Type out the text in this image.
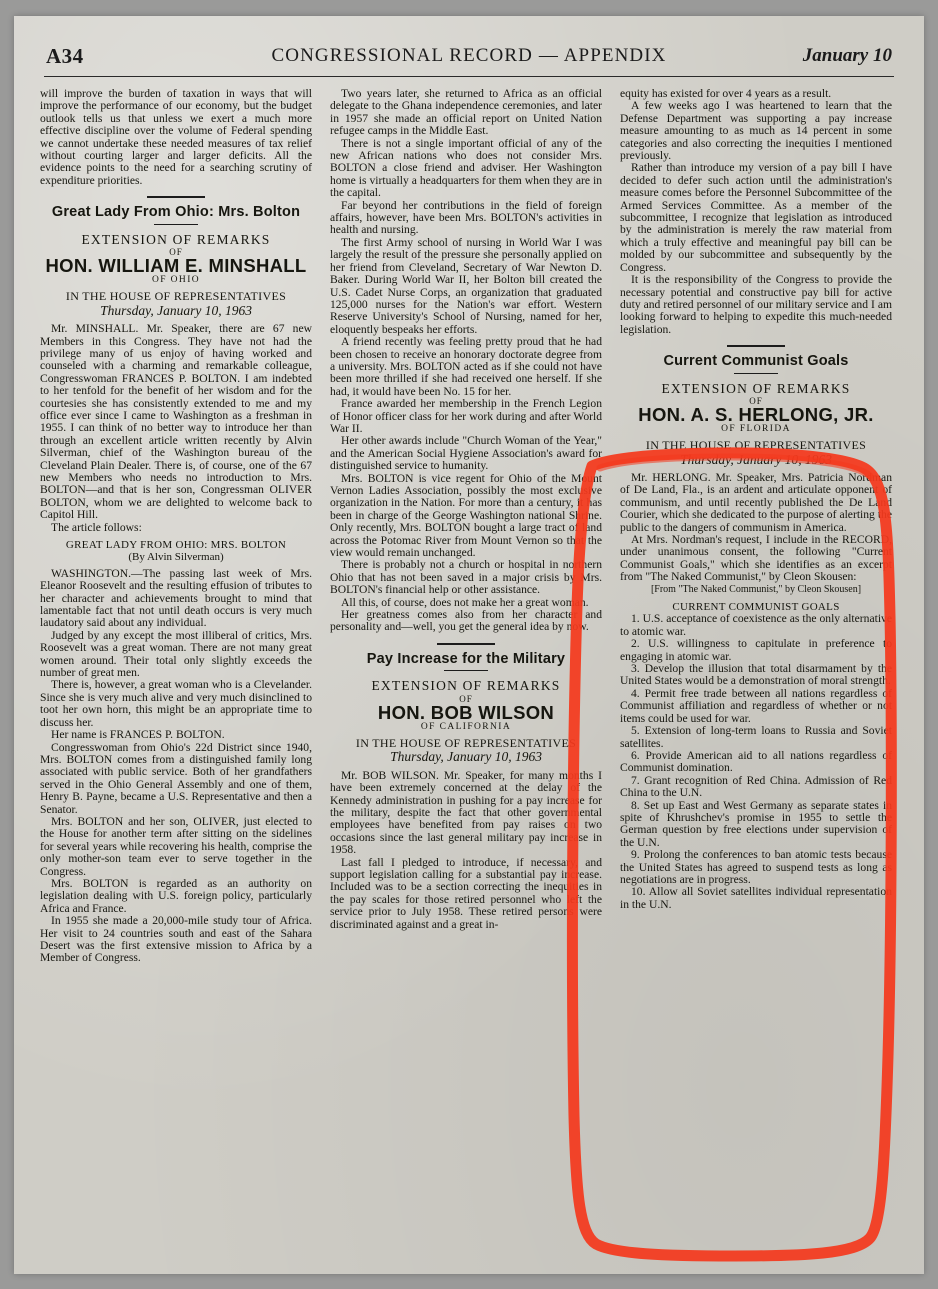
A34	CONGRESSIONAL RECORD — APPENDIX	January 10

will improve the burden of taxation in ways that will improve the performance of our economy, but the budget outlook tells us that unless we exert a much more effective discipline over the volume of Federal spending we cannot undertake these needed measures of tax relief without courting larger and larger deficits. All the evidence points to the need for a searching scrutiny of expenditure priorities.

Great Lady From Ohio: Mrs. Bolton
EXTENSION OF REMARKS
OF
HON. WILLIAM E. MINSHALL
OF OHIO
IN THE HOUSE OF REPRESENTATIVES
Thursday, January 10, 1963

Mr. MINSHALL. Mr. Speaker, there are 67 new Members in this Congress. They have not had the privilege many of us enjoy of having worked and counseled with a charming and remarkable colleague, Congresswoman FRANCES P. BOLTON. I am indebted to her tenfold for the benefit of her wisdom and for the courtesies she has consistently extended to me and my office ever since I came to Washington as a freshman in 1955. I can think of no better way to introduce her than through an excellent article written recently by Alvin Silverman, chief of the Washington bureau of the Cleveland Plain Dealer. There is, of course, one of the 67 new Members who needs no introduction to Mrs. BOLTON—and that is her son, Congressman OLIVER BOLTON, whom we are delighted to welcome back to Capitol Hill.

The article follows:

GREAT LADY FROM OHIO: MRS. BOLTON
(By Alvin Silverman)

WASHINGTON.—The passing last week of Mrs. Eleanor Roosevelt and the resulting effusion of tributes to her character and achievements brought to mind that lamentable fact that not until death occurs is very much laudatory said about any individual.

Judged by any except the most illiberal of critics, Mrs. Roosevelt was a great woman. There are not many great women around. Their total only slightly exceeds the number of great men.

There is, however, a great woman who is a Clevelander. Since she is very much alive and very much disinclined to toot her own horn, this might be an appropriate time to discuss her.

Her name is FRANCES P. BOLTON.

Congresswoman from Ohio's 22d District since 1940, Mrs. BOLTON comes from a distinguished family long associated with public service. Both of her grandfathers served in the Ohio General Assembly and one of them, Henry B. Payne, became a U.S. Representative and then a Senator.

Mrs. BOLTON and her son, OLIVER, just elected to the House for another term after sitting on the sidelines for several years while recovering his health, comprise the only mother-son team ever to serve together in the Congress.

Mrs. BOLTON is regarded as an authority on legislation dealing with U.S. foreign policy, particularly Africa and France.

In 1955 she made a 20,000-mile study tour of Africa. Her visit to 24 countries south and east of the Sahara Desert was the first extensive mission to Africa by a Member of Congress.

Two years later, she returned to Africa as an official delegate to the Ghana independence ceremonies, and later in 1957 she made an official report on United Nation refugee camps in the Middle East.

There is not a single important official of any of the new African nations who does not consider Mrs. BOLTON a close friend and adviser. Her Washington home is virtually a headquarters for them when they are in the capital.

Far beyond her contributions in the field of foreign affairs, however, have been Mrs. BOLTON's activities in health and nursing.

The first Army school of nursing in World War I was largely the result of the pressure she personally applied on her friend from Cleveland, Secretary of War Newton D. Baker. During World War II, her Bolton bill created the U.S. Cadet Nurse Corps, an organization that graduated 125,000 nurses for the Nation's war effort. Western Reserve University's School of Nursing, named for her, eloquently bespeaks her efforts.

A friend recently was feeling pretty proud that he had been chosen to receive an honorary doctorate degree from a university. Mrs. BOLTON acted as if she could not have been more thrilled if she had received one herself. If she had, it would have been No. 15 for her.

France awarded her membership in the French Legion of Honor officer class for her work during and after World War II.

Her other awards include "Church Woman of the Year," and the American Social Hygiene Association's award for distinguished service to humanity.

Mrs. BOLTON is vice regent for Ohio of the Mount Vernon Ladies Association, possibly the most exclusive organization in the Nation. For more than a century, it has been in charge of the George Washington national Shrine. Only recently, Mrs. BOLTON bought a large tract of land across the Potomac River from Mount Vernon so that the view would remain unchanged.

There is probably not a church or hospital in northern Ohio that has not been saved in a major crisis by Mrs. BOLTON's financial help or other assistance.

All this, of course, does not make her a great woman.

Her greatness comes also from her character and personality and—well, you get the general idea by now.

Pay Increase for the Military
EXTENSION OF REMARKS
OF
HON. BOB WILSON
OF CALIFORNIA
IN THE HOUSE OF REPRESENTATIVES
Thursday, January 10, 1963

Mr. BOB WILSON. Mr. Speaker, for many months I have been extremely concerned at the delay of the Kennedy administration in pushing for a pay increase for the military, despite the fact that other governmental employees have benefited from pay raises on two occasions since the last general military pay increase in 1958.

Last fall I pledged to introduce, if necessary, and support legislation calling for a substantial pay increase. Included was to be a section correcting the inequities in the pay scales for those retired personnel who left the service prior to July 1958. These retired persons were discriminated against and a great in-

equity has existed for over 4 years as a result.

A few weeks ago I was heartened to learn that the Defense Department was supporting a pay increase measure amounting to as much as 14 percent in some categories and also correcting the inequities I mentioned previously.

Rather than introduce my version of a pay bill I have decided to defer such action until the administration's measure comes before the Personnel Subcommittee of the Armed Services Committee. As a member of the subcommittee, I recognize that legislation as introduced by the administration is merely the raw material from which a truly effective and meaningful pay bill can be molded by our subcommittee and subsequently by the Congress.

It is the responsibility of the Congress to provide the necessary potential and constructive pay bill for active duty and retired personnel of our military service and I am looking forward to helping to expedite this much-needed legislation.

Current Communist Goals
EXTENSION OF REMARKS
OF
HON. A. S. HERLONG, JR.
OF FLORIDA
IN THE HOUSE OF REPRESENTATIVES
Thursday, January 10, 1963

Mr. HERLONG. Mr. Speaker, Mrs. Patricia Nordman of De Land, Fla., is an ardent and articulate opponent of communism, and until recently published the De Land Courier, which she dedicated to the purpose of alerting the public to the dangers of communism in America.

At Mrs. Nordman's request, I include in the RECORD, under unanimous consent, the following "Current Communist Goals," which she identifies as an excerpt from "The Naked Communist," by Cleon Skousen:

[From "The Naked Communist," by Cleon Skousen]
CURRENT COMMUNIST GOALS

1. U.S. acceptance of coexistence as the only alternative to atomic war.

2. U.S. willingness to capitulate in preference to engaging in atomic war.

3. Develop the illusion that total disarmament by the United States would be a demonstration of moral strength.

4. Permit free trade between all nations regardless of Communist affiliation and regardless of whether or not items could be used for war.

5. Extension of long-term loans to Russia and Soviet satellites.

6. Provide American aid to all nations regardless of Communist domination.

7. Grant recognition of Red China. Admission of Red China to the U.N.

8. Set up East and West Germany as separate states in spite of Khrushchev's promise in 1955 to settle the German question by free elections under supervision of the U.N.

9. Prolong the conferences to ban atomic tests because the United States has agreed to suspend tests as long as negotiations are in progress.

10. Allow all Soviet satellites individual representation in the U.N.
